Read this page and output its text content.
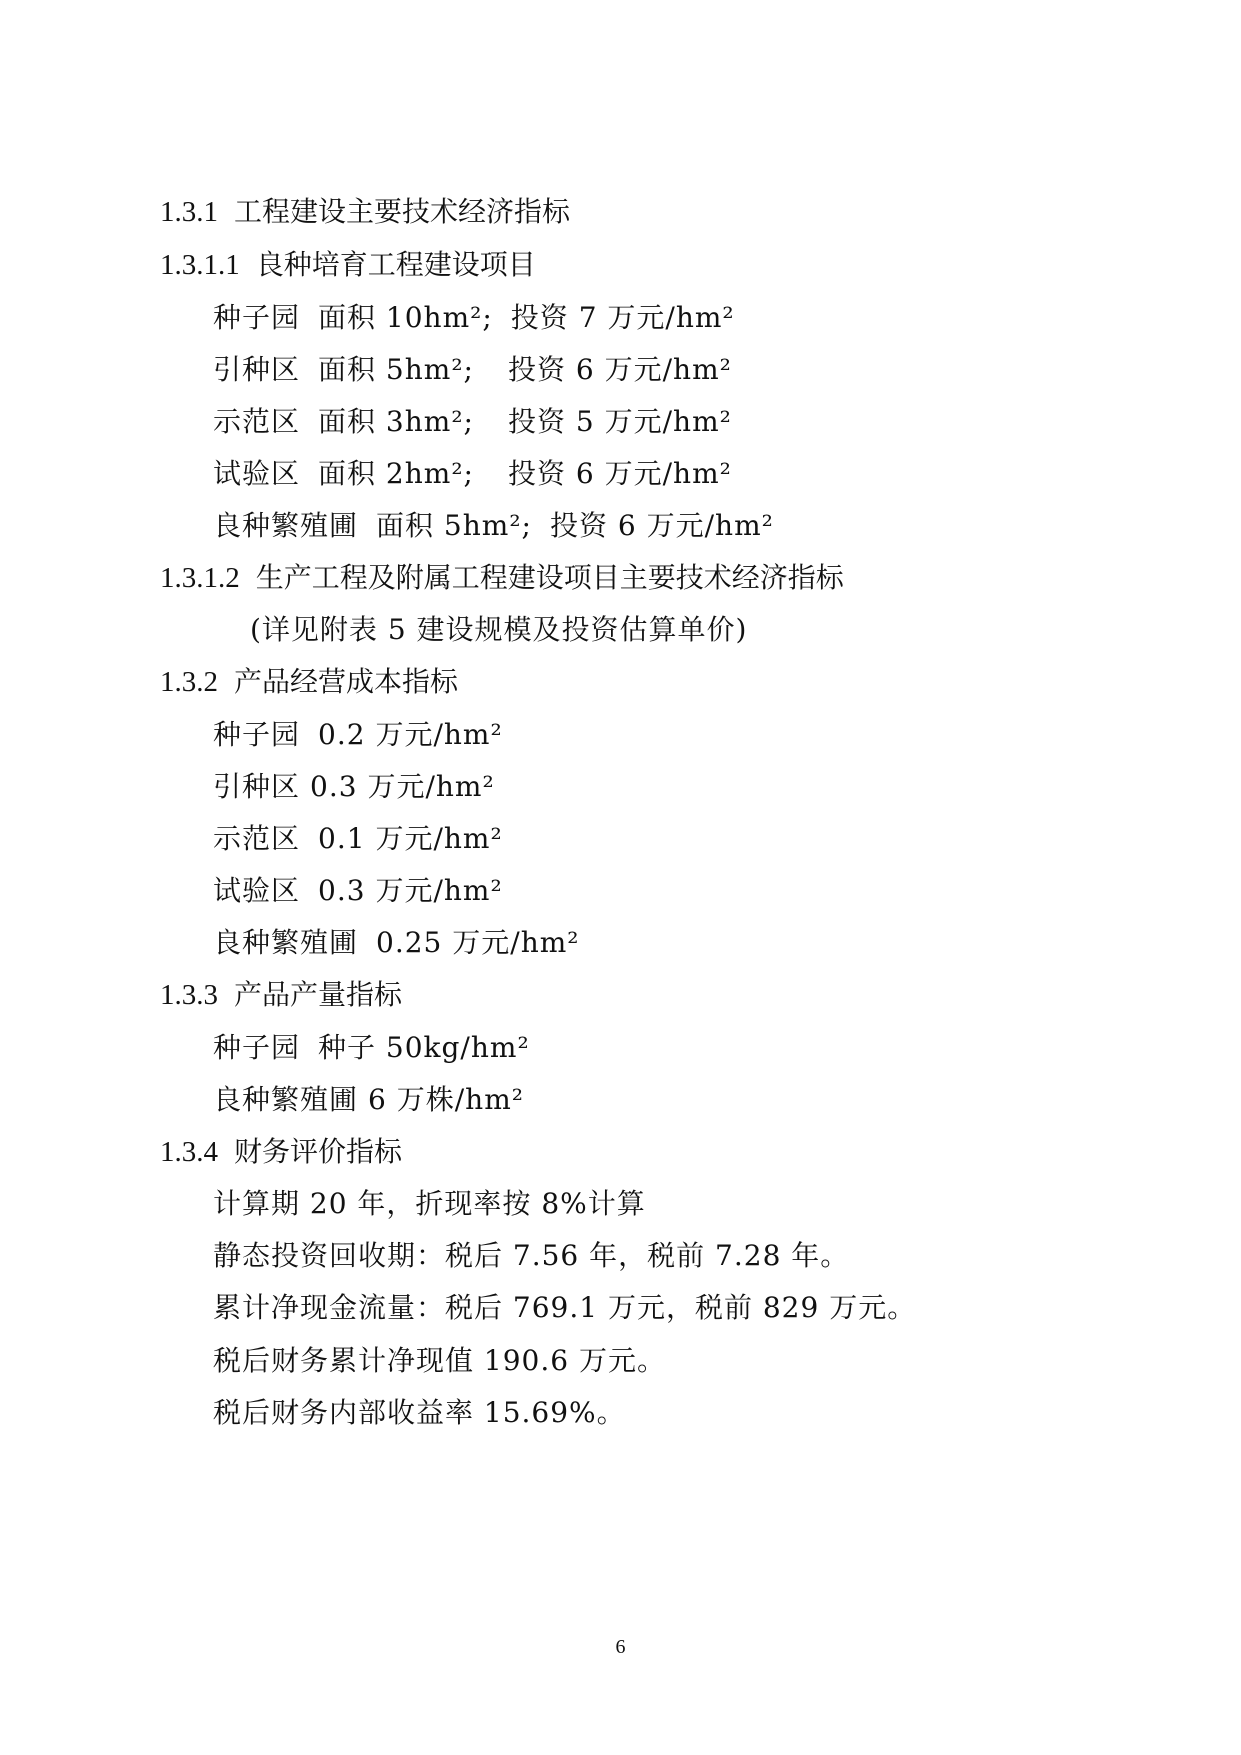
1.3.1 工程建设主要技术经济指标
1.3.1.1 良种培育工程建设项目
种子园 面积 10hm²; 投资 7 万元/hm²
引种区 面积 5hm²; 投资 6 万元/hm²
示范区 面积 3hm²; 投资 5 万元/hm²
试验区 面积 2hm²; 投资 6 万元/hm²
良种繁殖圃 面积 5hm²; 投资 6 万元/hm²
1.3.1.2 生产工程及附属工程建设项目主要技术经济指标
(详见附表 5 建设规模及投资估算单价)
1.3.2 产品经营成本指标
种子园 0.2 万元/hm²
引种区 0.3 万元/hm²
示范区 0.1 万元/hm²
试验区 0.3 万元/hm²
良种繁殖圃 0.25 万元/hm²
1.3.3 产品产量指标
种子园 种子 50kg/hm²
良种繁殖圃 6 万株/hm²
1.3.4 财务评价指标
计算期 20 年，折现率按 8%计算
静态投资回收期：税后 7.56 年，税前 7.28 年。
累计净现金流量：税后 769.1 万元，税前 829 万元。
税后财务累计净现值 190.6 万元。
税后财务内部收益率 15.69%。
6
